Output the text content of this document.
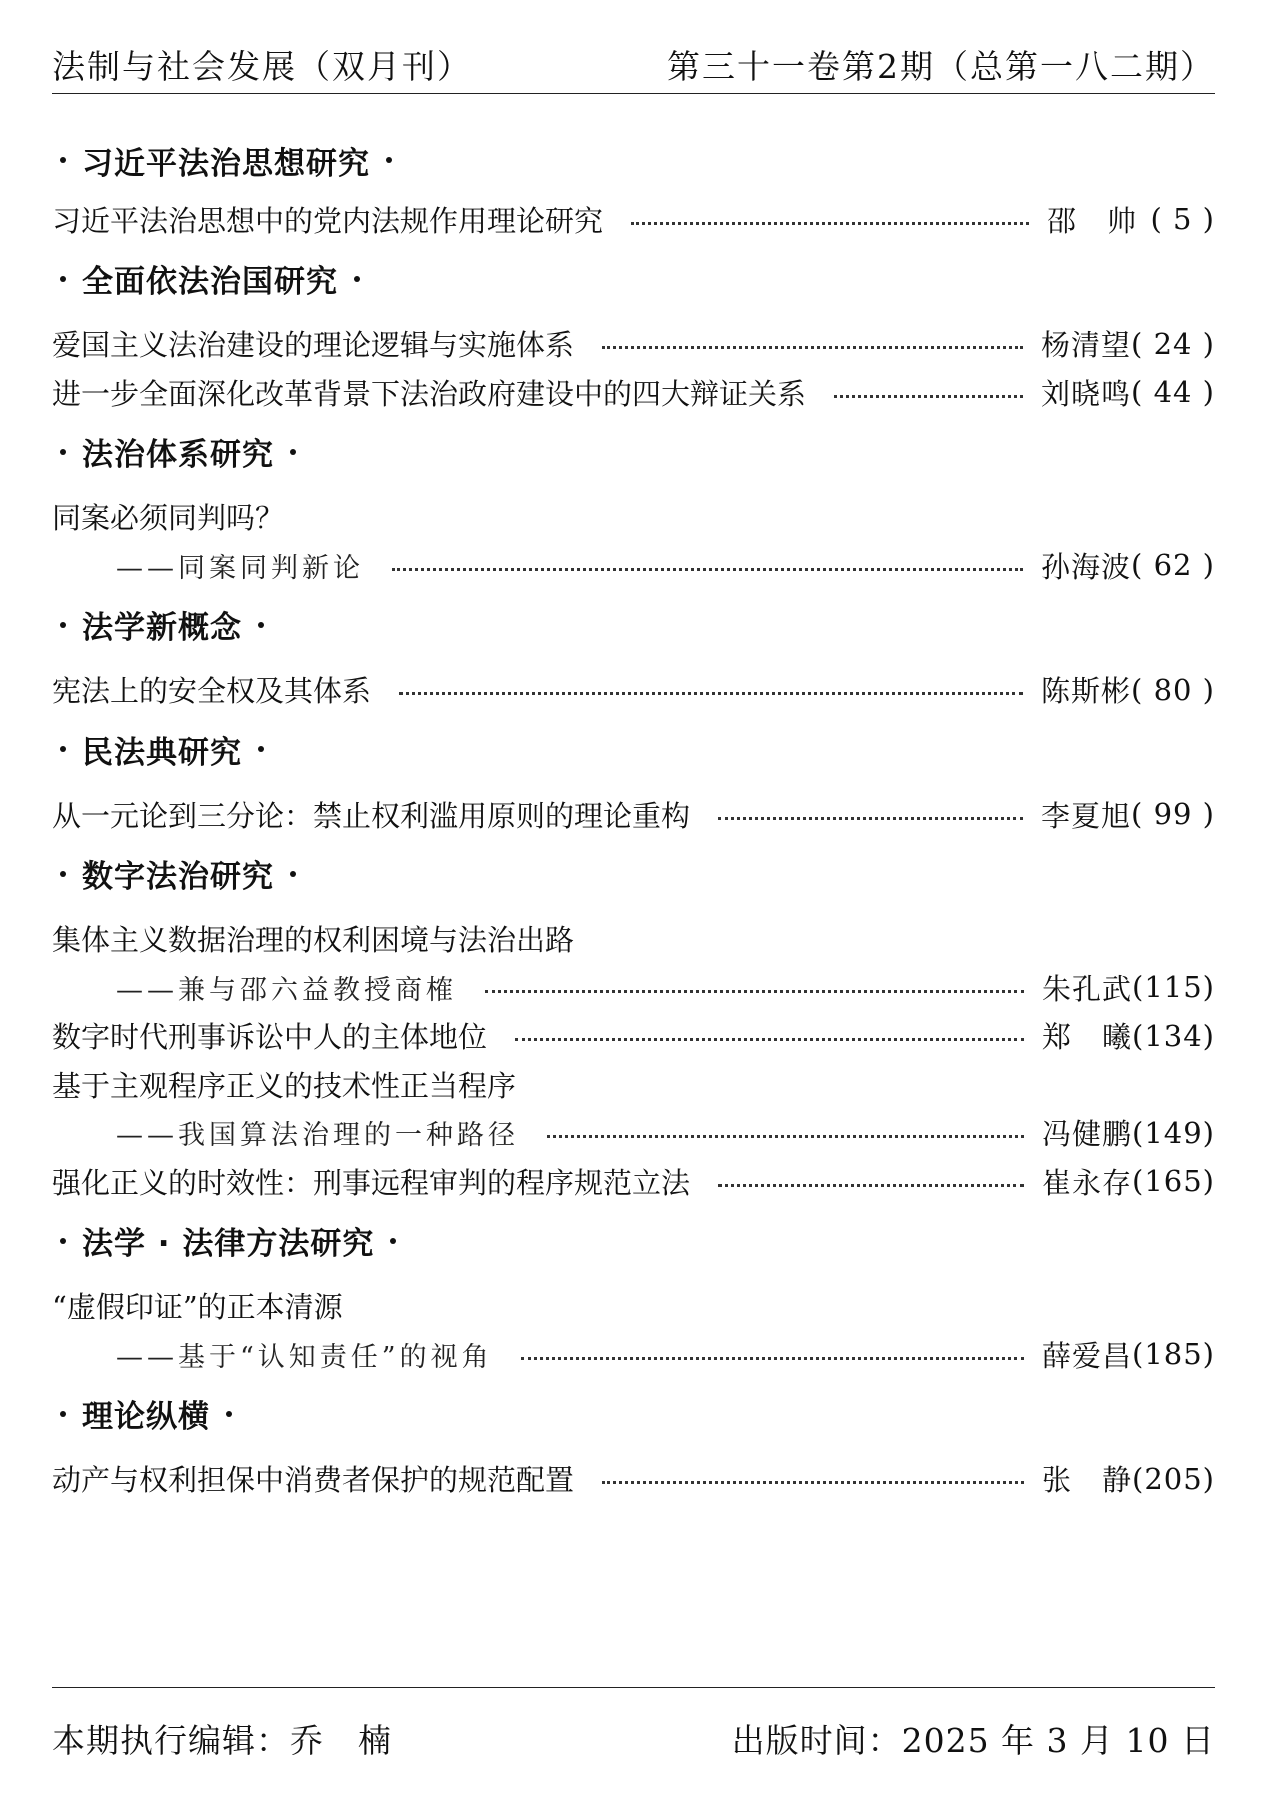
法制与社会发展（双月刊）	第三十一卷第2期（总第一八二期）
习近平法治思想研究
习近平法治思想中的党内法规作用理论研究	邵　帅 ( 5 )
全面依法治国研究
爱国主义法治建设的理论逻辑与实施体系	杨清望 ( 24 )
进一步全面深化改革背景下法治政府建设中的四大辩证关系	刘晓鸣 ( 44 )
法治体系研究
同案必须同判吗？
——同案同判新论	孙海波 ( 62 )
法学新概念
宪法上的安全权及其体系	陈斯彬 ( 80 )
民法典研究
从一元论到三分论：禁止权利滥用原则的理论重构	李夏旭 ( 99 )
数字法治研究
集体主义数据治理的权利困境与法治出路
——兼与邵六益教授商榷	朱孔武 (115)
数字时代刑事诉讼中人的主体地位	郑　曦 (134)
基于主观程序正义的技术性正当程序
——我国算法治理的一种路径	冯健鹏 (149)
强化正义的时效性：刑事远程审判的程序规范立法	崔永存 (165)
法学 · 法律方法研究
“虚假印证”的正本清源
——基于“认知责任”的视角	薛爱昌 (185)
理论纵横
动产与权利担保中消费者保护的规范配置	张　静 (205)
本期执行编辑：乔　楠	出版时间：2025 年 3 月 10 日
